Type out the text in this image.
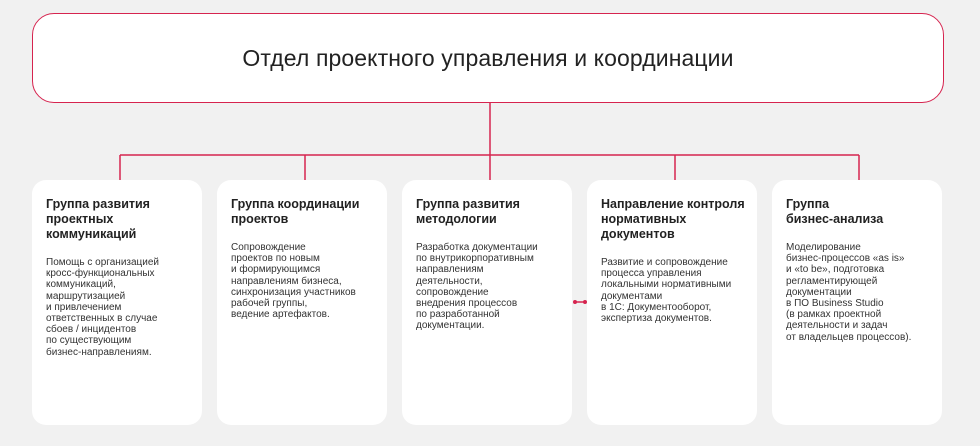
Отдел проектного управления и координации
Группа развития
проектных
коммуникаций
Помощь с организацией
кросс-функциональных
коммуникаций,
маршрутизацией
и привлечением
ответственных в случае
сбоев / инцидентов
по существующим
бизнес-направлениям.
Группа координации
проектов
Сопровождение
проектов по новым
и формирующимся
направлениям бизнеса,
синхронизация участников
рабочей группы,
ведение артефактов.
Группа развития
методологии
Разработка документации
по внутрикорпоративным
направлениям
деятельности,
сопровождение
внедрения процессов
по разработанной
документации.
Направление контроля
нормативных
документов
Развитие и сопровождение
процесса управления
локальными нормативными
документами
в 1С: Документооборот,
экспертиза документов.
Группа
бизнес-анализа
Моделирование
бизнес-процессов «as is»
и «to be», подготовка
регламентирующей
документации
в ПО Business Studio
(в рамках проектной
деятельности и задач
от владельцев процессов).
